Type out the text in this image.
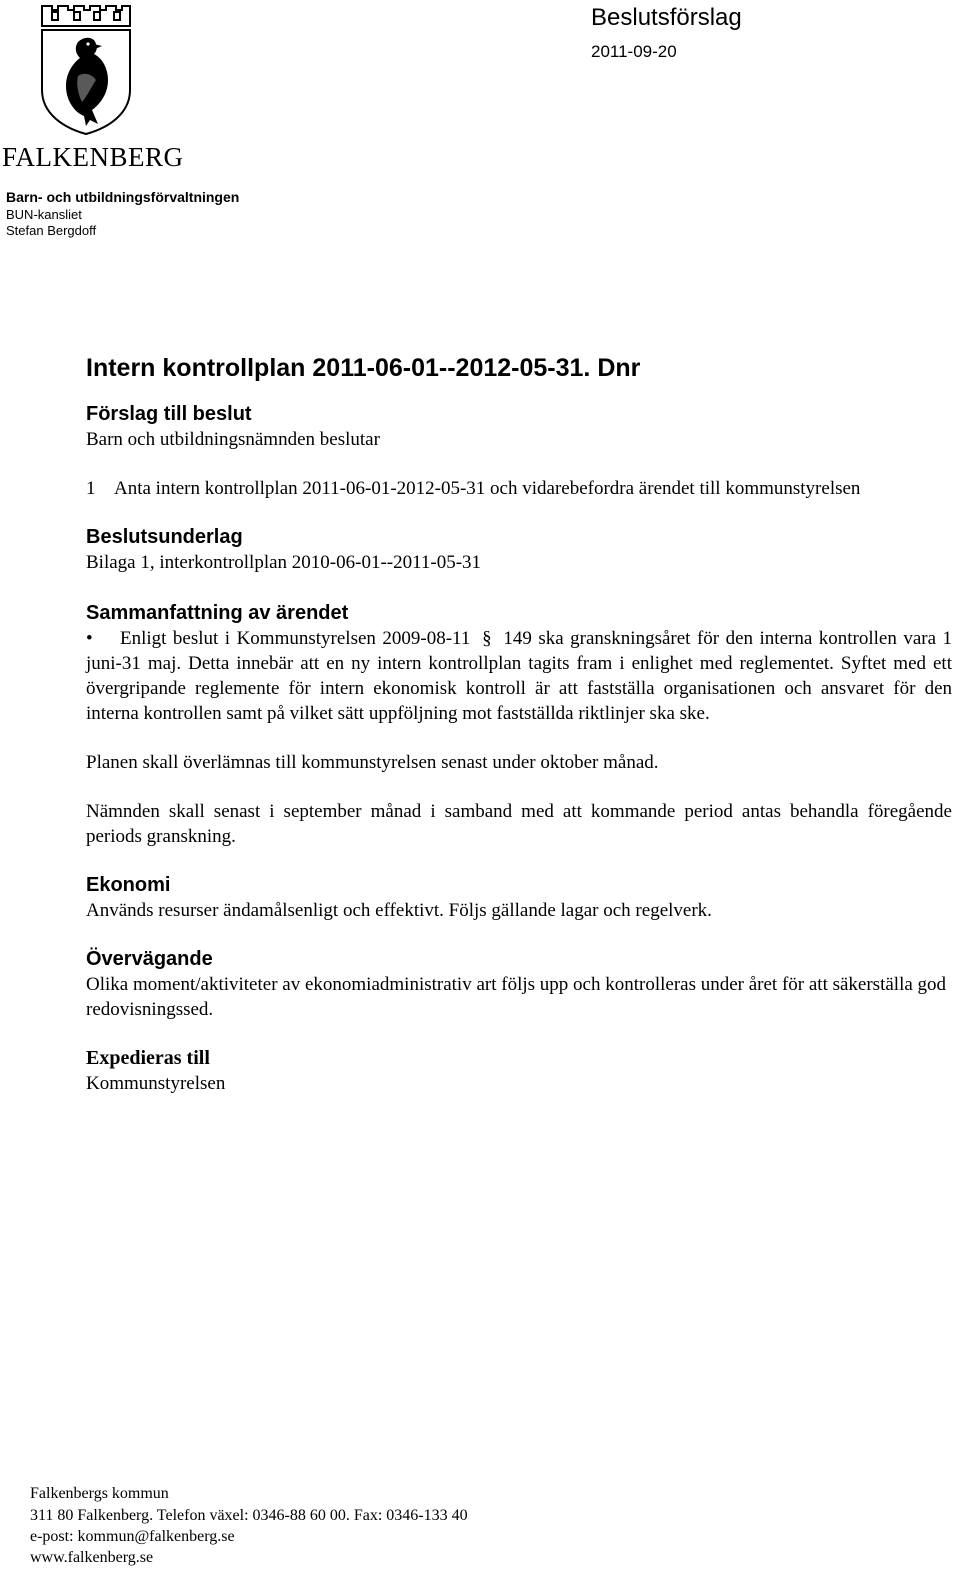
FALKENBERG
Barn- och utbildningsförvaltningen
BUN-kansliet
Stefan Bergdoff
Beslutsförslag
2011-09-20
Intern kontrollplan 2011-06-01--2012-05-31. Dnr
Förslag till beslut

Barn och utbildningsnämnden beslutar

1 Anta intern kontrollplan 2011-06-01-2012-05-31 och vidarebefordra ärendet till kommunstyrelsen
Beslutsunderlag

Bilaga 1, interkontrollplan 2010-06-01--2011-05-31

Sammanfattning av ärendet
• Enligt beslut i Kommunstyrelsen 2009-08-11 § 149 ska granskningsåret för den interna kontrollen vara 1 juni-31 maj. Detta innebär att en ny intern kontrollplan tagits fram i enlighet med reglementet. Syftet med ett övergripande reglemente för intern ekonomisk kontroll är att fastställa organisationen och ansvaret för den interna kontrollen samt på vilket sätt uppföljning mot fastställda riktlinjer ska ske.

Planen skall överlämnas till kommunstyrelsen senast under oktober månad.

Nämnden skall senast i september månad i samband med att kommande period antas behandla föregående periods granskning.

Ekonomi

Används resurser ändamålsenligt och effektivt. Följs gällande lagar och regelverk.

Övervägande

Olika moment/aktiviteter av ekonomiadministrativ art följs upp och kontrolleras under året för att säkerställa god redovisningssed.

Expedieras till

Kommunstyrelsen

Falkenbergs kommun
311 80 Falkenberg. Telefon växel: 0346-88 60 00. Fax: 0346-133 40
e-post: kommun@falkenberg.se
www.falkenberg.se
